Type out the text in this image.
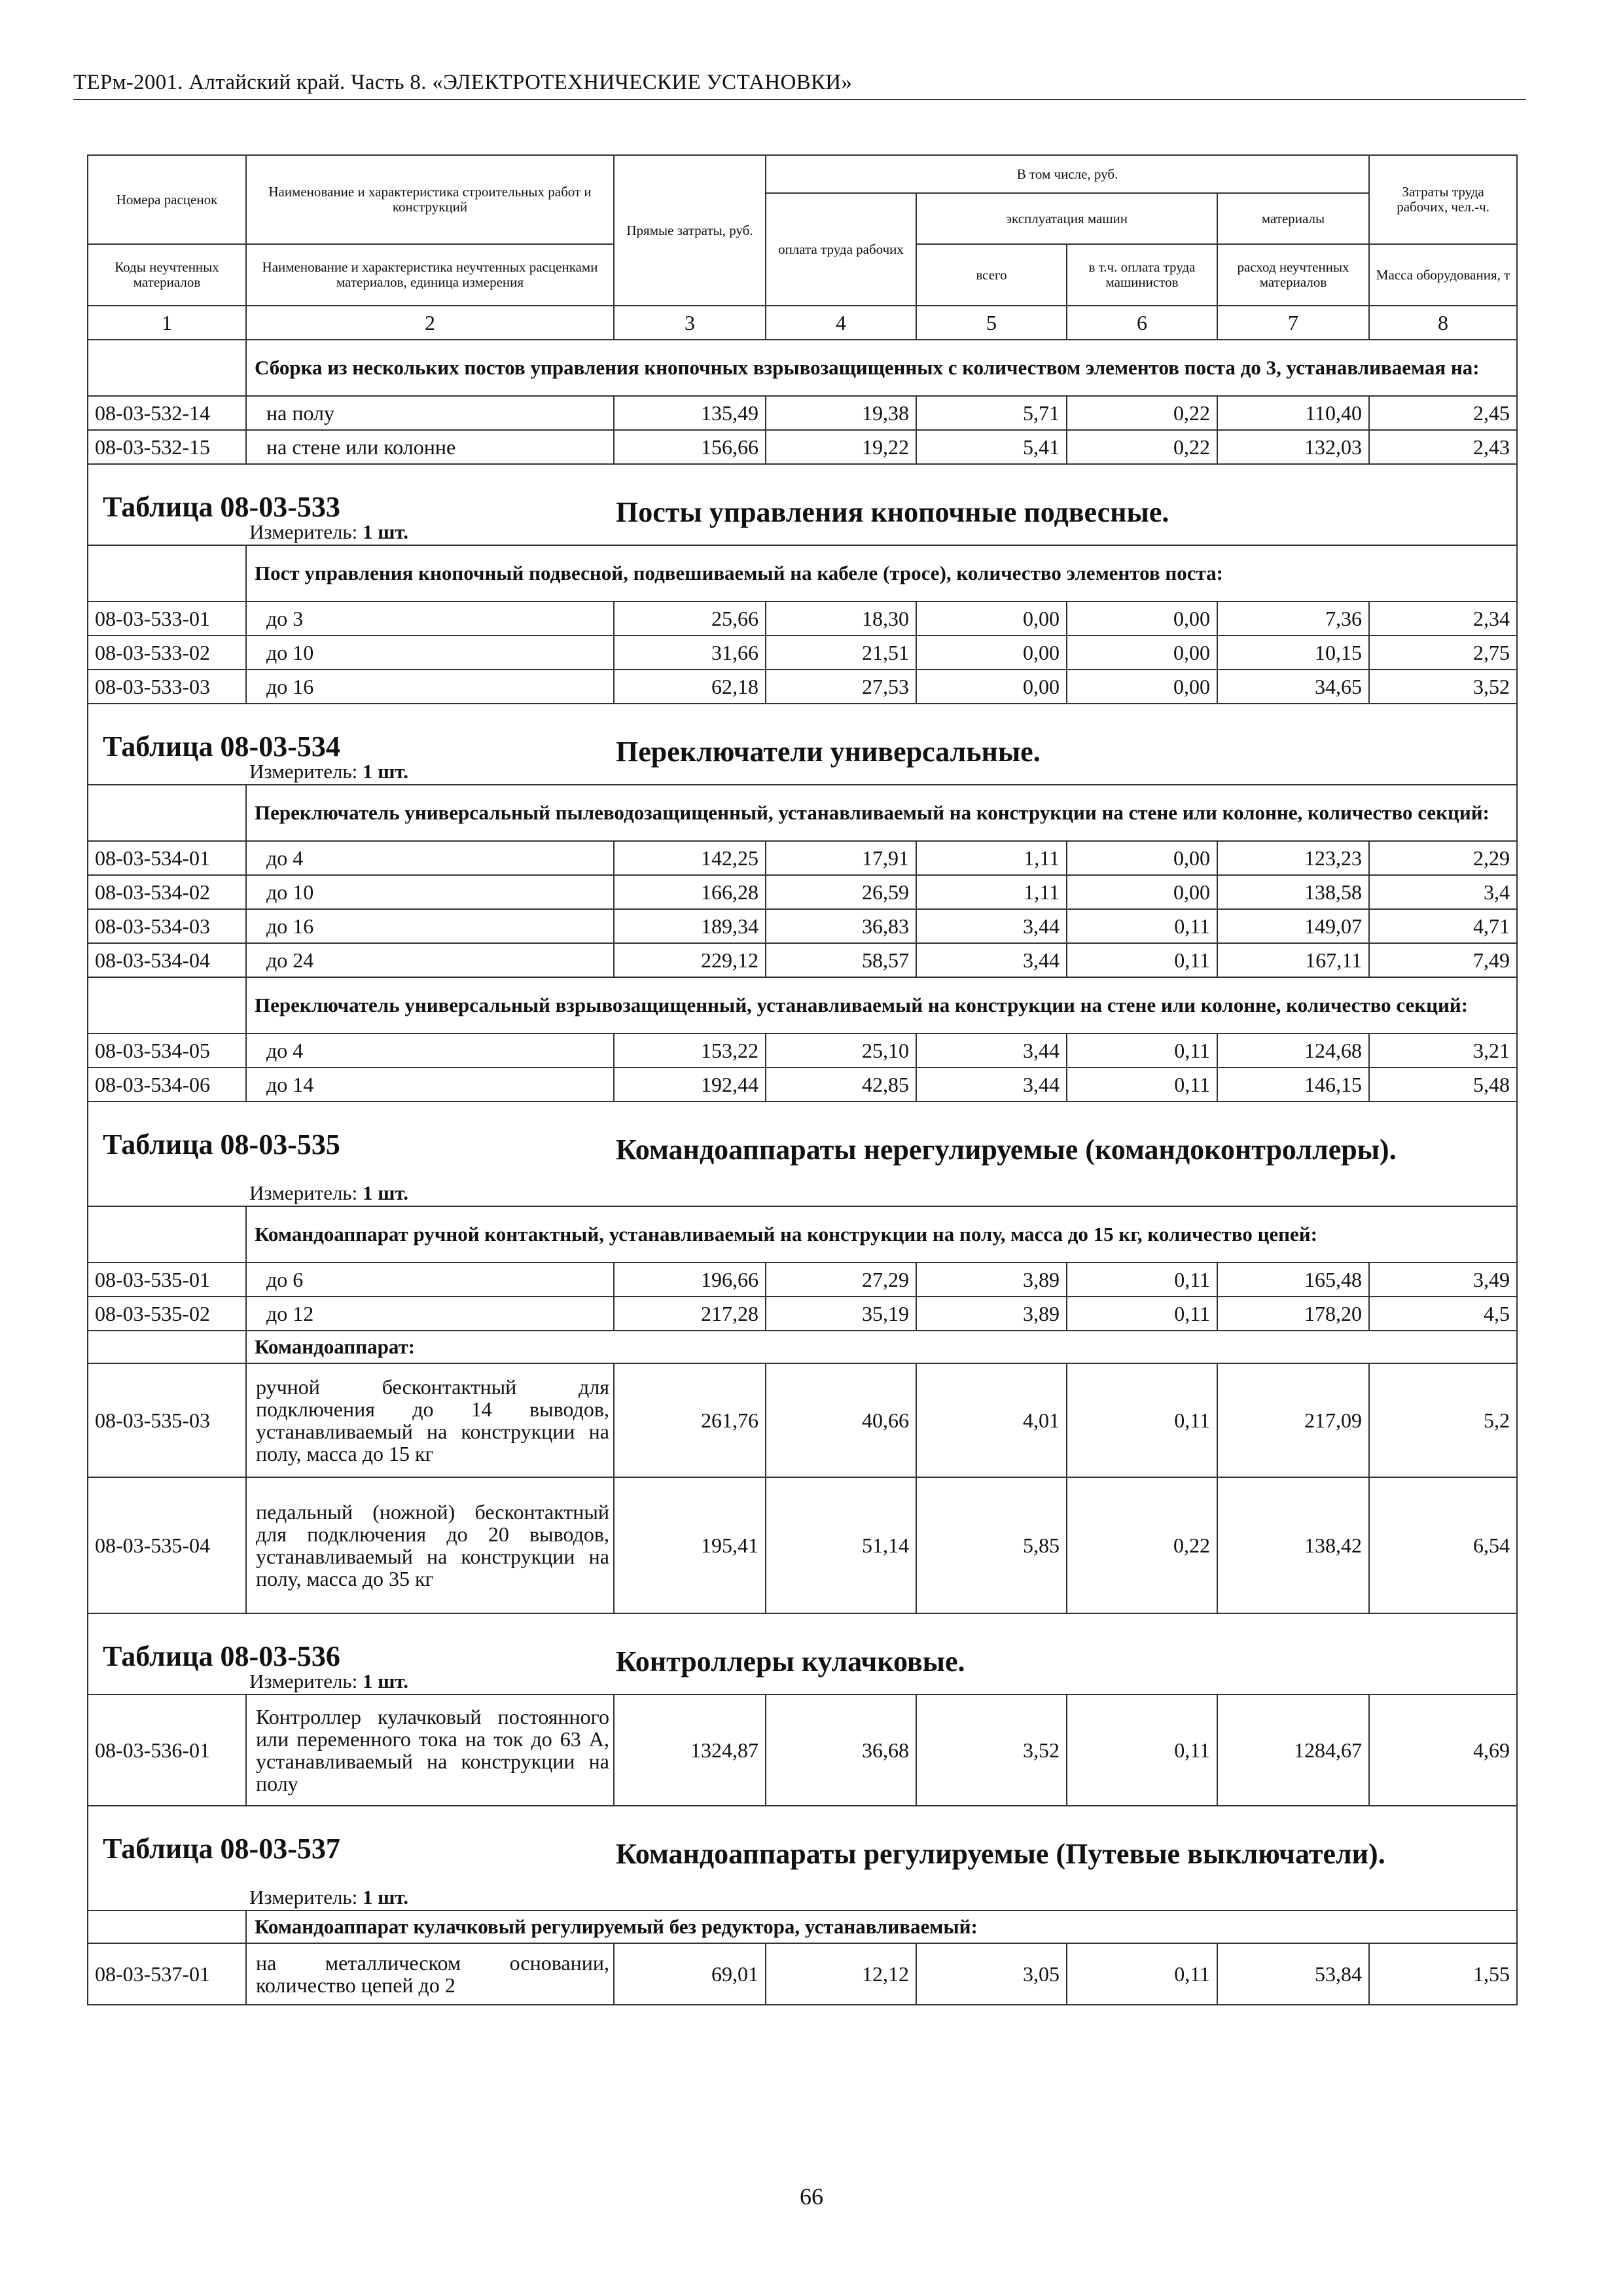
ТЕРм-2001. Алтайский край. Часть 8. «ЭЛЕКТРОТЕХНИЧЕСКИЕ УСТАНОВКИ»
Номера расценок	Наименование и характеристика строительных работ и конструкций	Прямые затраты, руб.	В том числе, руб.				Затраты труда рабочих, чел.-ч.
			оплата труда рабочих	эксплуатация машин		материалы	

Коды неучтенных материалов	Наименование и характеристика неучтенных расценками материалов, единица измерения			всего	в т.ч. оплата труда машинистов	расход неучтенных материалов	Масса оборудования, т
1	2	3	4	5	6	7	8
	Сборка из нескольких постов управления кнопочных взрывозащищенных с количеством элементов поста до 3, устанавливаемая на:						
08-03-532-14	на полу	135,49	19,38	5,71	0,22	110,40	2,45
08-03-532-15	на стене или колонне	156,66	19,22	5,41	0,22	132,03	2,43

Таблица 08-03-533 Посты управления кнопочные подвесные.
Измеритель: 1 шт.							

	Пост управления кнопочный подвесной, подвешиваемый на кабеле (тросе), количество элементов поста:						
08-03-533-01	до 3	25,66	18,30	0,00	0,00	7,36	2,34
08-03-533-02	до 10	31,66	21,51	0,00	0,00	10,15	2,75
08-03-533-03	до 16	62,18	27,53	0,00	0,00	34,65	3,52

Таблица 08-03-534 Переключатели универсальные.
Измеритель: 1 шт.							

	Переключатель универсальный пылеводозащищенный, устанавливаемый на конструкции на стене или колонне, количество секций:						
08-03-534-01	до 4	142,25	17,91	1,11	0,00	123,23	2,29
08-03-534-02	до 10	166,28	26,59	1,11	0,00	138,58	3,4
08-03-534-03	до 16	189,34	36,83	3,44	0,11	149,07	4,71
08-03-534-04	до 24	229,12	58,57	3,44	0,11	167,11	7,49
	Переключатель универсальный взрывозащищенный, устанавливаемый на конструкции на стене или колонне, количество секций:						
08-03-534-05	до 4	153,22	25,10	3,44	0,11	124,68	3,21
08-03-534-06	до 14	192,44	42,85	3,44	0,11	146,15	5,48

Таблица 08-03-535 Командоаппараты нерегулируемые (командоконтроллеры).
Измеритель: 1 шт.							

	Командоаппарат ручной контактный, устанавливаемый на конструкции на полу, масса до 15 кг, количество цепей:						
08-03-535-01	до 6	196,66	27,29	3,89	0,11	165,48	3,49
08-03-535-02	до 12	217,28	35,19	3,89	0,11	178,20	4,5
	Командоаппарат:						
08-03-535-03	ручной бесконтактный для подключения до 14 выводов, устанавливаемый на конструкции на полу, масса до 15 кг	261,76	40,66	4,01	0,11	217,09	5,2
08-03-535-04	педальный (ножной) бесконтактный для подключения до 20 выводов, устанавливаемый на конструкции на полу, масса до 35 кг	195,41	51,14	5,85	0,22	138,42	6,54

Таблица 08-03-536 Контроллеры кулачковые.
Измеритель: 1 шт.							

08-03-536-01	Контроллер кулачковый постоянного или переменного тока на ток до 63 А, устанавливаемый на конструкции на полу	1324,87	36,68	3,52	0,11	1284,67	4,69

Таблица 08-03-537 Командоаппараты регулируемые (Путевые выключатели).
Измеритель: 1 шт.							

	Командоаппарат кулачковый регулируемый без редуктора, устанавливаемый:						
08-03-537-01	на металлическом основании, количество цепей до 2	69,01	12,12	3,05	0,11	53,84	1,55
66
